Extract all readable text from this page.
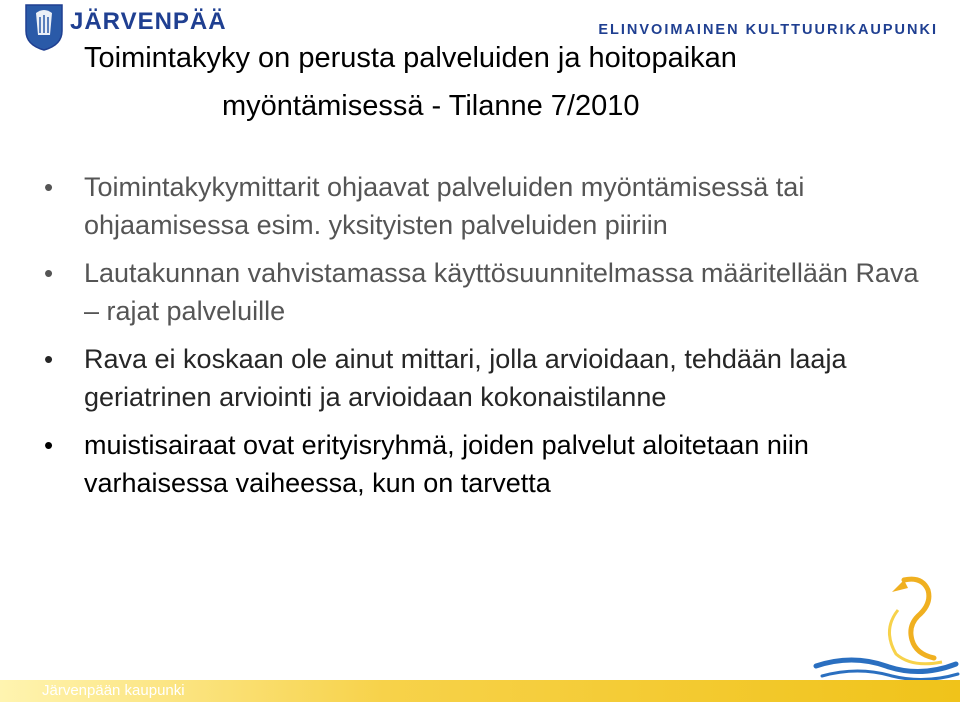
JÄRVENPÄÄ	ELINVOIMAINEN KULTTUURIKAUPUNKI
Toimintakyky on perusta palveluiden ja hoitopaikan
myöntämisessä - Tilanne 7/2010
• Toimintakykymittarit ohjaavat palveluiden myöntämisessä tai ohjaamisessa esim. yksityisten palveluiden piiriin
• Lautakunnan vahvistamassa käyttösuunnitelmassa määritellään Rava – rajat palveluille
• Rava ei koskaan ole ainut mittari, jolla arvioidaan, tehdään laaja geriatrinen arviointi ja arvioidaan kokonaistilanne
• muistisairaat ovat erityisryhmä, joiden palvelut aloitetaan niin varhaisessa vaiheessa, kun on tarvetta
Järvenpään kaupunki
